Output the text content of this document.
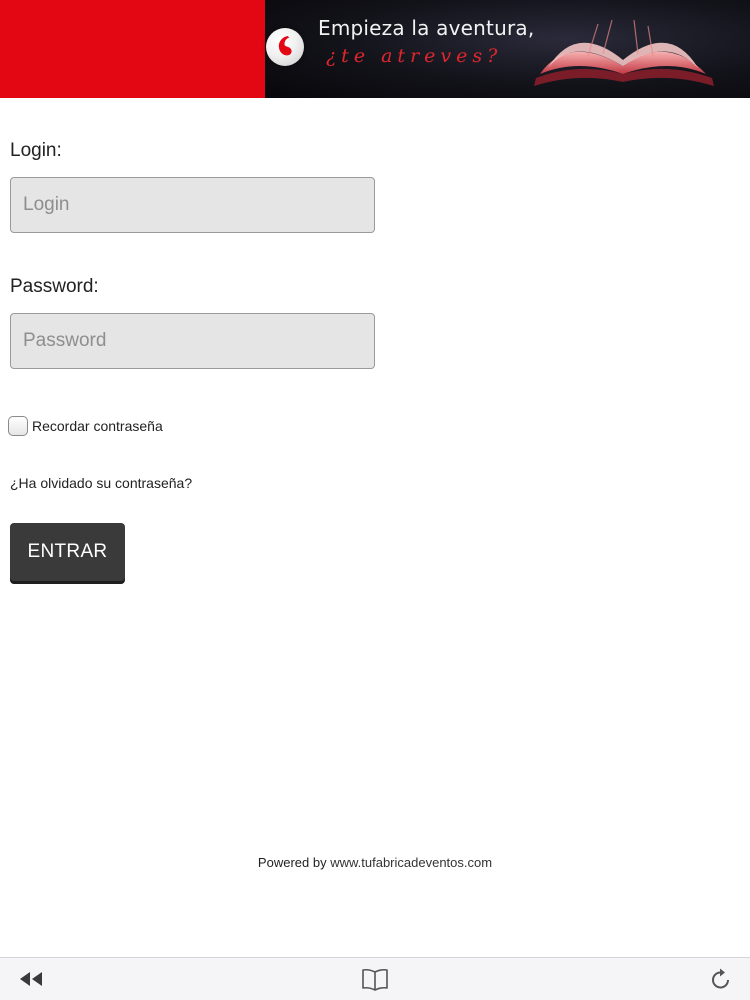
Empieza la aventura,
¿te atreves?
Login:
Login
Password:
Recordar contraseña
¿Ha olvidado su contraseña?
ENTRAR
Powered by www.tufabricadeventos.com
